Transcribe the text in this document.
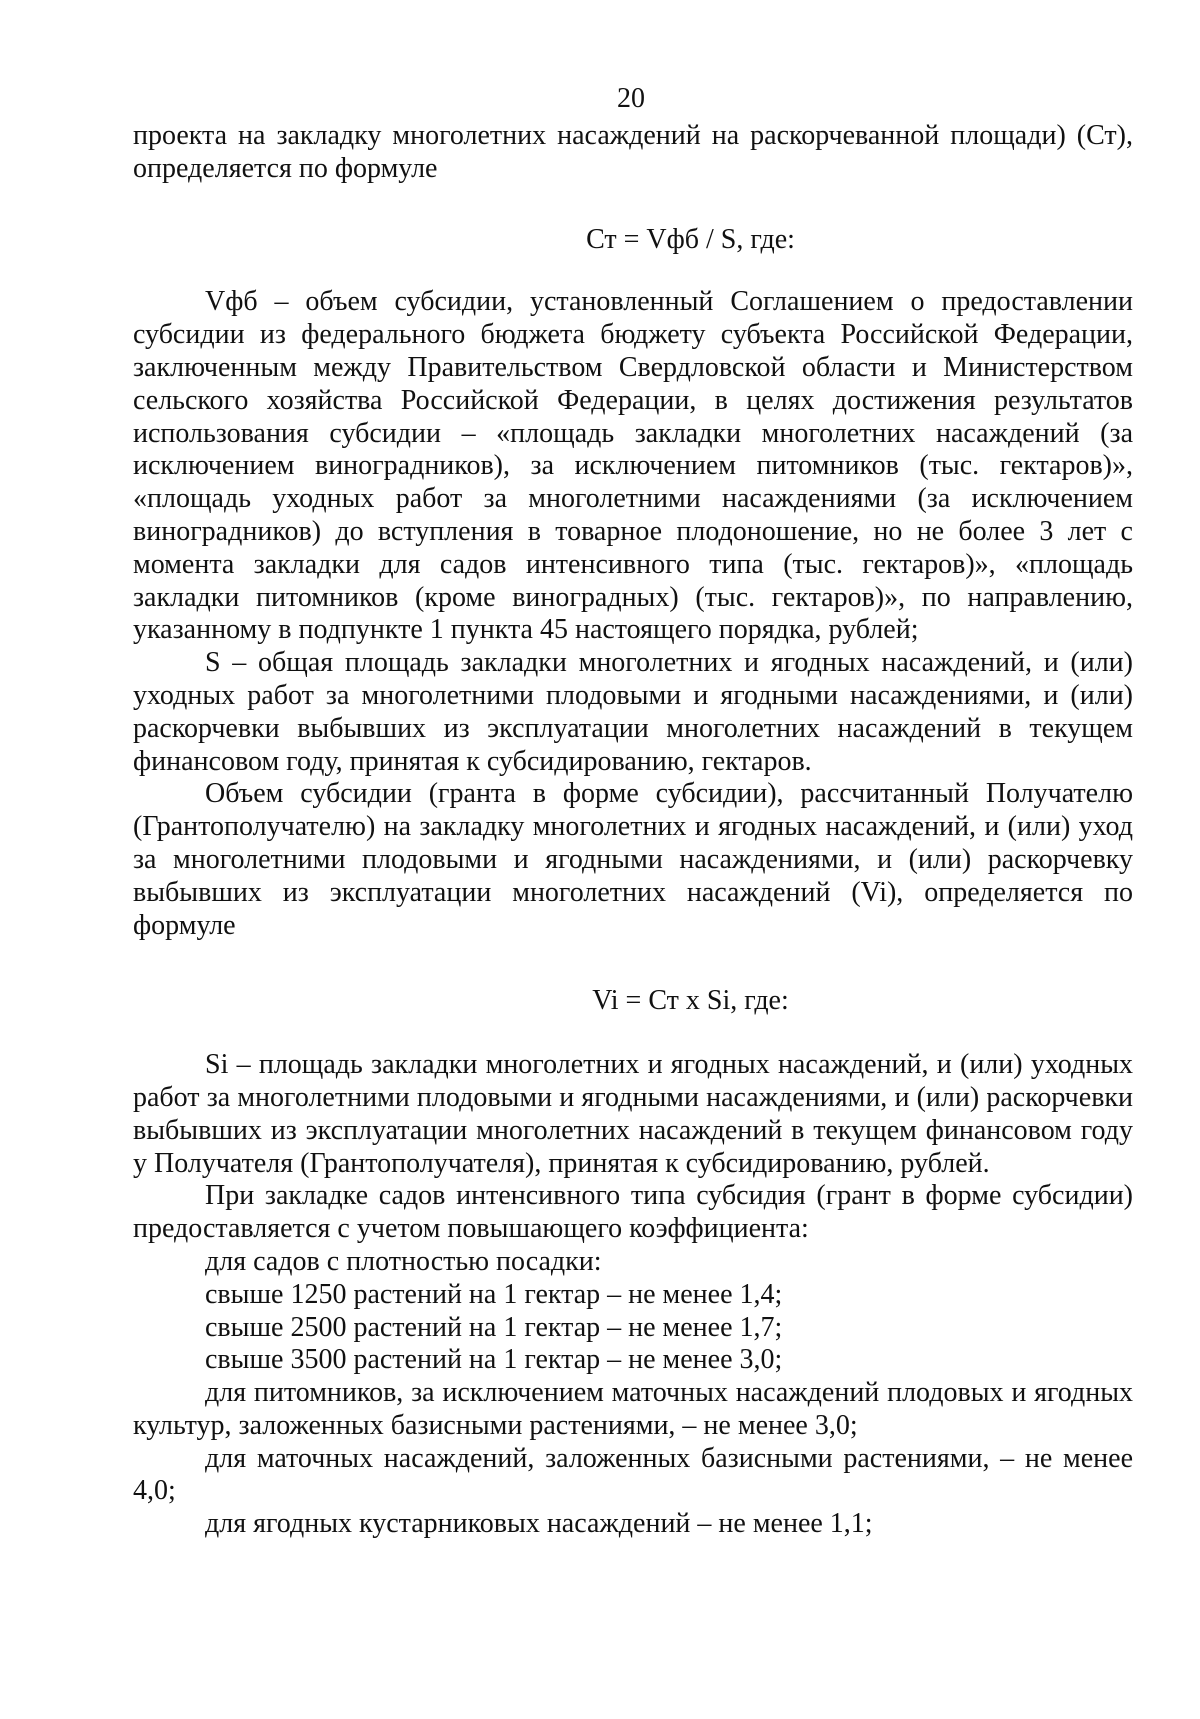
20

проекта на закладку многолетних насаждений на раскорчеванной площади) (Ст), определяется по формуле

Ст = Vфб / S, где:

Vфб – объем субсидии, установленный Соглашением о предоставлении субсидии из федерального бюджета бюджету субъекта Российской Федерации, заключенным между Правительством Свердловской области и Министерством сельского хозяйства Российской Федерации, в целях достижения результатов использования субсидии – «площадь закладки многолетних насаждений (за исключением виноградников), за исключением питомников (тыс. гектаров)», «площадь уходных работ за многолетними насаждениями (за исключением виноградников) до вступления в товарное плодоношение, но не более 3 лет с момента закладки для садов интенсивного типа (тыс. гектаров)», «площадь закладки питомников (кроме виноградных) (тыс. гектаров)», по направлению, указанному в подпункте 1 пункта 45 настоящего порядка, рублей;

S – общая площадь закладки многолетних и ягодных насаждений, и (или) уходных работ за многолетними плодовыми и ягодными насаждениями, и (или) раскорчевки выбывших из эксплуатации многолетних насаждений в текущем финансовом году, принятая к субсидированию, гектаров.

Объем субсидии (гранта в форме субсидии), рассчитанный Получателю (Грантополучателю) на закладку многолетних и ягодных насаждений, и (или) уход за многолетними плодовыми и ягодными насаждениями, и (или) раскорчевку выбывших из эксплуатации многолетних насаждений (Vi), определяется по формуле

Vi = Ст x Si, где:

Si – площадь закладки многолетних и ягодных насаждений, и (или) уходных работ за многолетними плодовыми и ягодными насаждениями, и (или) раскорчевки выбывших из эксплуатации многолетних насаждений в текущем финансовом году у Получателя (Грантополучателя), принятая к субсидированию, рублей.

При закладке садов интенсивного типа субсидия (грант в форме субсидии) предоставляется с учетом повышающего коэффициента:

для садов с плотностью посадки:

свыше 1250 растений на 1 гектар – не менее 1,4;

свыше 2500 растений на 1 гектар – не менее 1,7;

свыше 3500 растений на 1 гектар – не менее 3,0;

для питомников, за исключением маточных насаждений плодовых и ягодных культур, заложенных базисными растениями, – не менее 3,0;

для маточных насаждений, заложенных базисными растениями, – не менее 4,0;

для ягодных кустарниковых насаждений – не менее 1,1;
